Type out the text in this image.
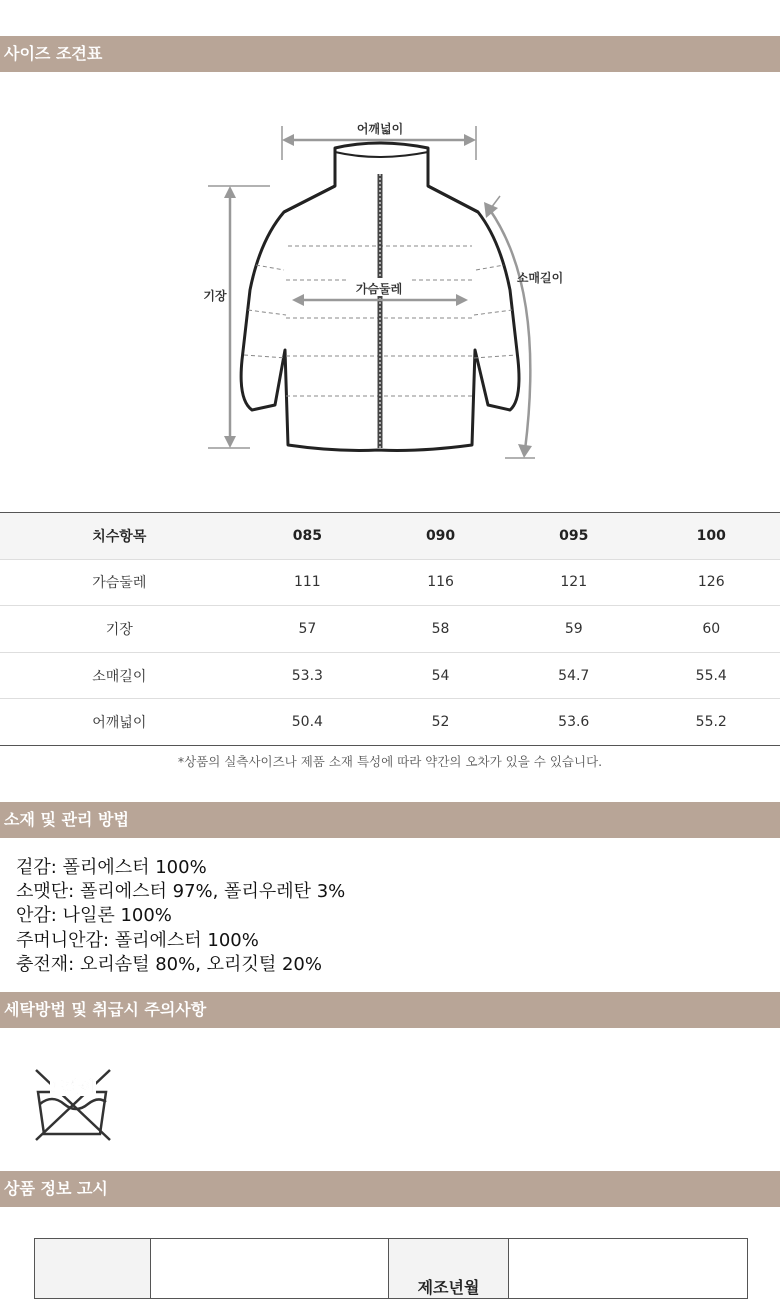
사이즈 조견표
어깨넓이
기장	가슴둘레
소매길이
치수항목	085	090	095	100
가슴둘레	111	116	121	126
기장	57	58	59	60
소매길이	53.3	54	54.7	55.4
어깨넓이	50.4	52	53.6	55.2
*상품의 실측사이즈나 제품 소재 특성에 따라 약간의 오차가 있을 수 있습니다.
소재 및 관리 방법
겉감: 폴리에스터 100%
소맷단: 폴리에스터 97%, 폴리우레탄 3%
안감: 나일론 100%
주머니안감: 폴리에스터 100%
충전재: 오리솜털 80%, 오리깃털 20%
세탁방법 및 취급시 주의사항
드라이
상품 정보 고시
		제조년월	
